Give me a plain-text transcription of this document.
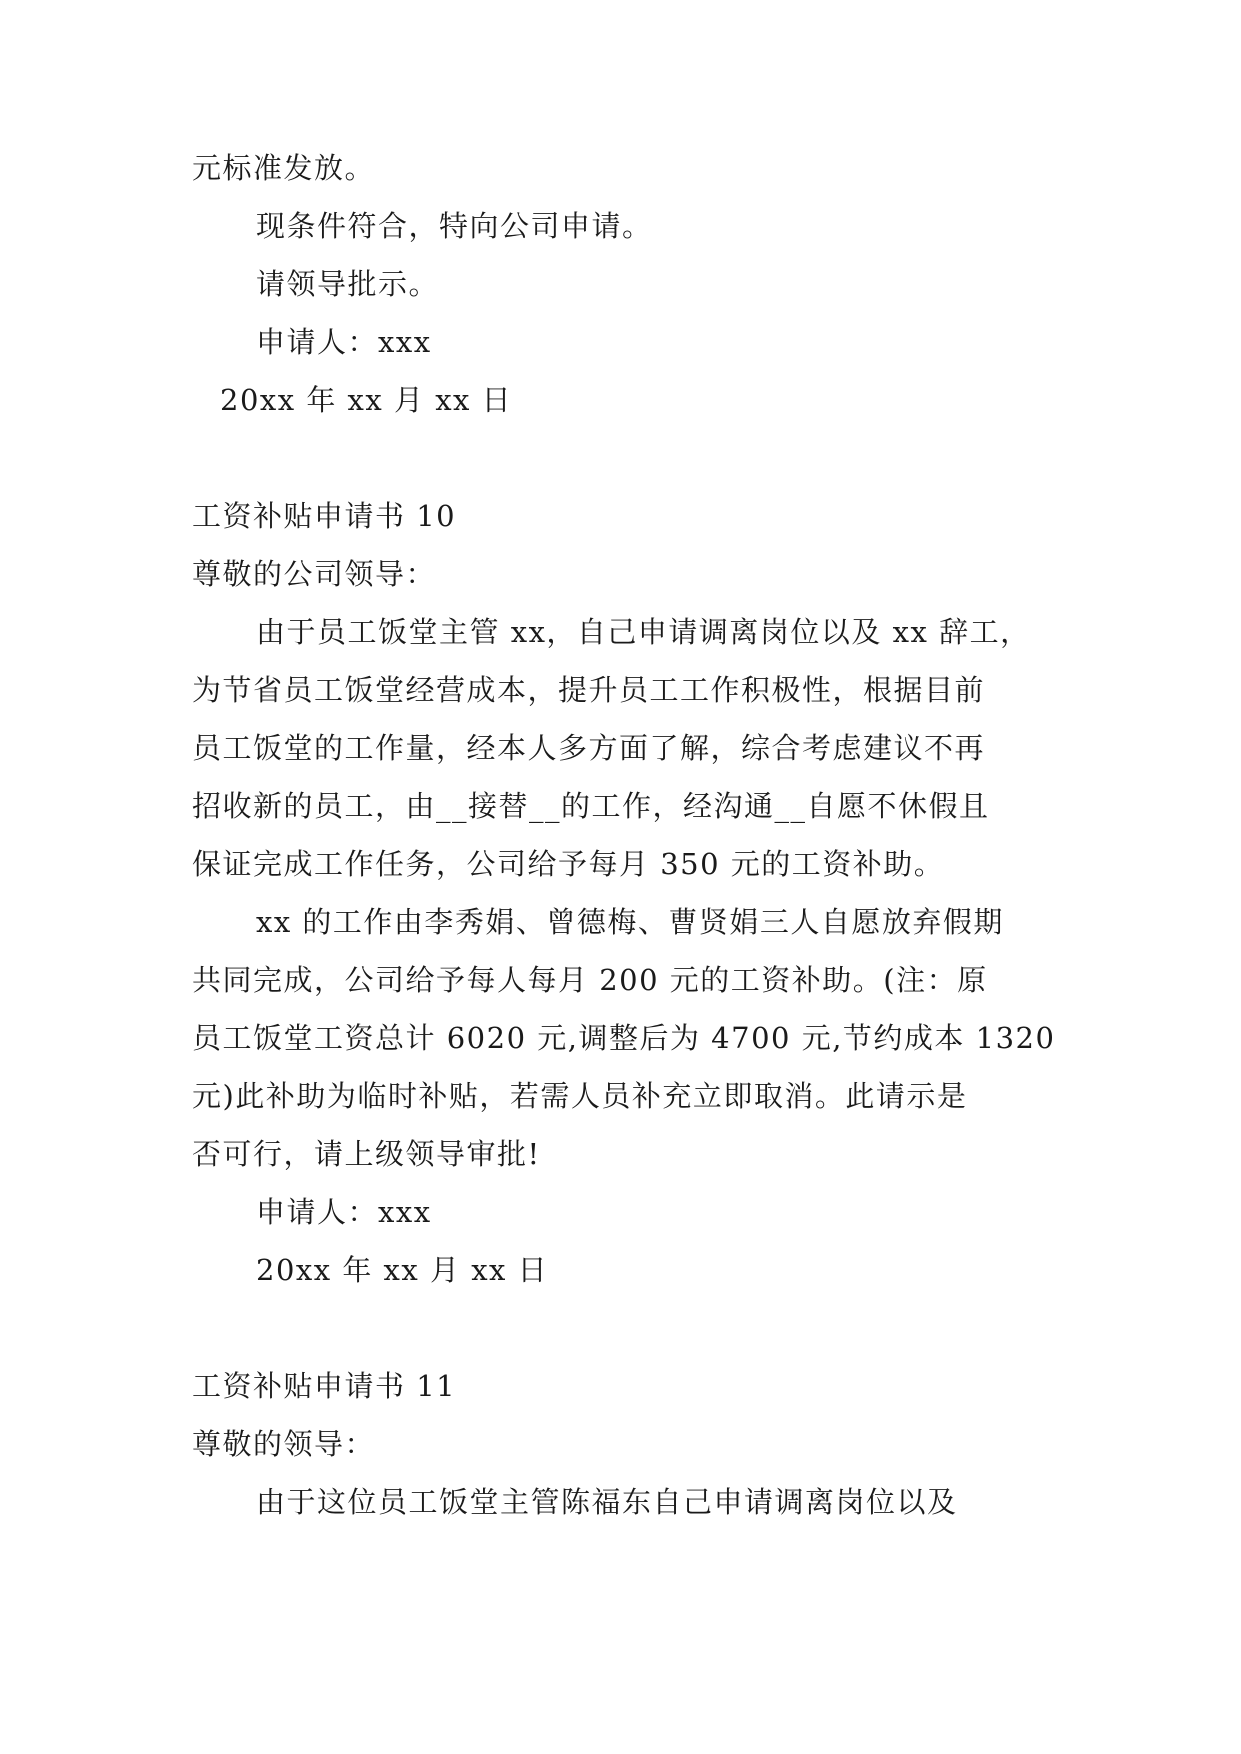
元标准发放。
现条件符合，特向公司申请。
请领导批示。
申请人：xxx
20xx 年 xx 月 xx 日
工资补贴申请书 10
尊敬的公司领导：
由于员工饭堂主管 xx，自己申请调离岗位以及 xx 辞工，
为节省员工饭堂经营成本，提升员工工作积极性，根据目前
员工饭堂的工作量，经本人多方面了解，综合考虑建议不再
招收新的员工，由__接替__的工作，经沟通__自愿不休假且
保证完成工作任务，公司给予每月 350 元的工资补助。
xx 的工作由李秀娟、曾德梅、曹贤娟三人自愿放弃假期
共同完成，公司给予每人每月 200 元的工资补助。(注：原
员工饭堂工资总计 6020 元,调整后为 4700 元,节约成本 1320
元)此补助为临时补贴，若需人员补充立即取消。此请示是
否可行，请上级领导审批!
申请人：xxx
20xx 年 xx 月 xx 日
工资补贴申请书 11
尊敬的领导：
由于这位员工饭堂主管陈福东自己申请调离岗位以及
